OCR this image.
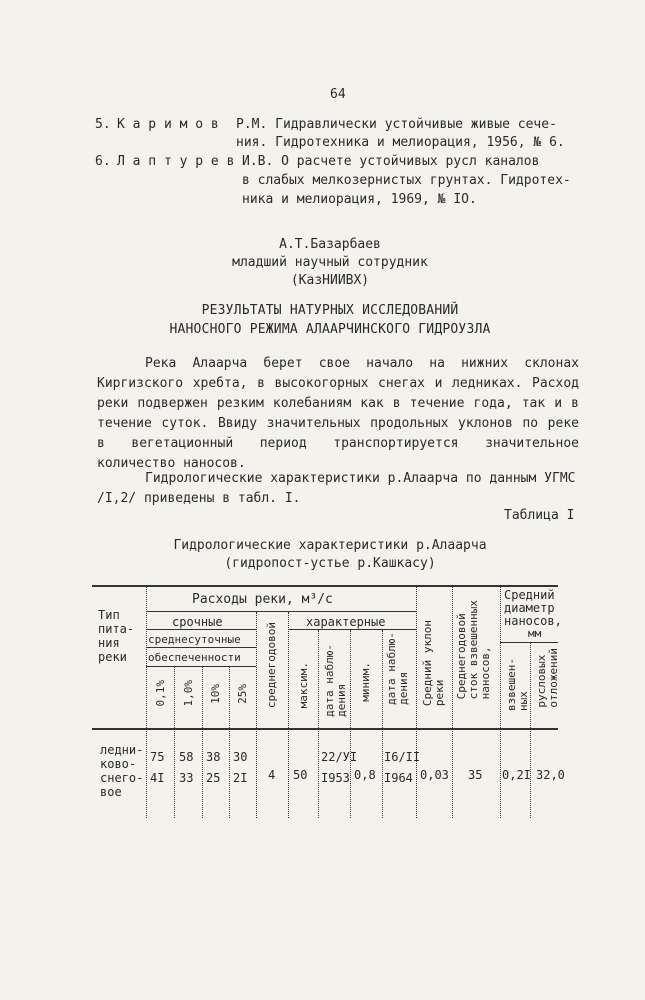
64
5. К а р и м о в Р.М. Гидравлически устойчивые живые сече-
ния. Гидротехника и мелиорация, 1956, № 6.
6. Л а п т у р е в И.В. О расчете устойчивых русл каналов
в слабых мелкозернистых грунтах. Гидротех-
ника и мелиорация, 1969, № IO.
А.Т.Базарбаев
младший научный сотрудник
(КазНИИВХ)
РЕЗУЛЬТАТЫ НАТУРНЫХ ИССЛЕДОВАНИЙ
НАНОСНОГО РЕЖИМА АЛААРЧИНСКОГО ГИДРОУЗЛА
Река Алаарча берет свое начало на нижних склонах Киргизского хребта, в высокогорных снегах и ледниках. Расход реки подвержен резким колебаниям как в течение года, так и в течение суток. Ввиду значительных продольных уклонов по реке в вегетационный период транспортируется значительное количество наносов.
Гидрологические характеристики р.Алаарча по данным УГМС /I,2/ приведены в табл. I.
Таблица I
Гидрологические характеристики р.Алаарча
(гидропост-устье р.Кашкасу)
Тип
пита-
ния
реки
Расходы реки, м³/с
срочные
среднесуточные
обеспеченности
0,1% 1,0% 10% 25% среднегодовой характерные
максим. дата наблю-
дения миним. дата наблю-
дения Средний уклон
реки Среднегодовой
сток взвешенных
наносов,
Средний
диаметр
наносов,
мм
взвешен-
ных русловых
отложений
ледни-
ково-
снего-
вое
75
4I
58
33
38
25
30
2I 4 50
22/УI
I953 0,8
I6/II
I964 0,03 35 0,2I 32,0
